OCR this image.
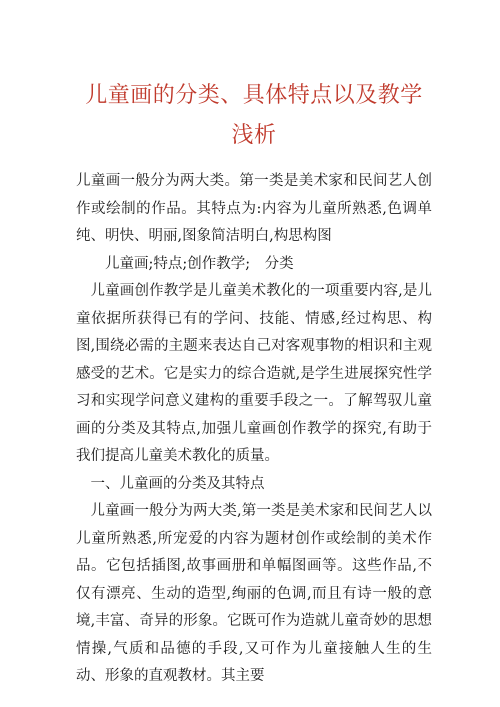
儿童画的分类、具体特点以及教学浅析

儿童画一般分为两大类。第一类是美术家和民间艺人创作或绘制的作品。其特点为:内容为儿童所熟悉,色调单纯、明快、明丽,图象简洁明白,构思构图

儿童画;特点;创作教学;　分类

儿童画创作教学是儿童美术教化的一项重要内容,是儿童依据所获得已有的学问、技能、情感,经过构思、构图,围绕必需的主题来表达自己对客观事物的相识和主观感受的艺术。它是实力的综合造就,是学生进展探究性学习和实现学问意义建构的重要手段之一。了解驾驭儿童画的分类及其特点,加强儿童画创作教学的探究,有助于我们提高儿童美术教化的质量。

一、儿童画的分类及其特点

儿童画一般分为两大类,第一类是美术家和民间艺人以儿童所熟悉,所宠爱的内容为题材创作或绘制的美术作品。它包括插图,故事画册和单幅图画等。这些作品,不仅有漂亮、生动的造型,绚丽的色调,而且有诗一般的意境,丰富、奇异的形象。它既可作为造就儿童奇妙的思想情操,气质和品德的手段,又可作为儿童接触人生的生动、形象的直观教材。其主要
